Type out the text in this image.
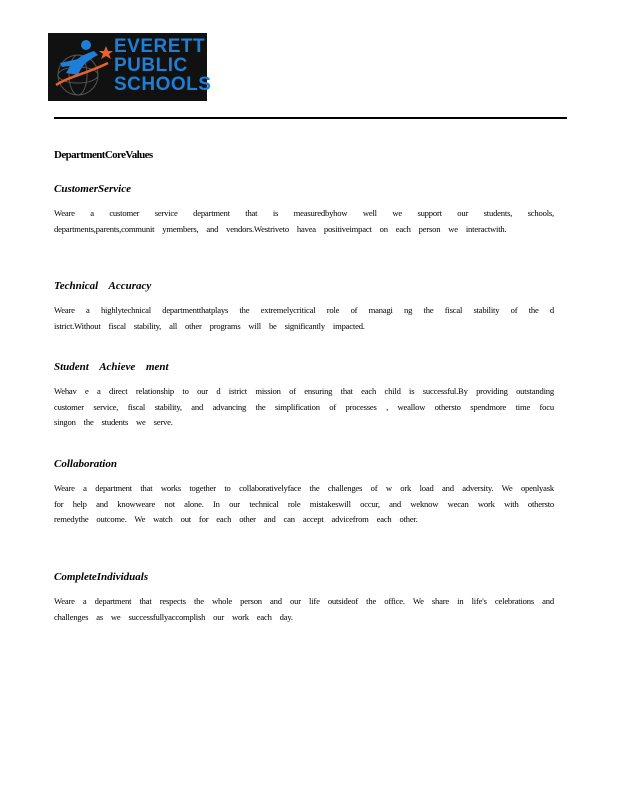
EVERETT
PUBLIC
SCHOOLS
DepartmentCoreValues
CustomerService

Weare a customer service department that is measuredbyhow well we support our students, schools, departments,parents,communit ymembers, and vendors.Westriveto havea positiveimpact on each person we interactwith.

Technical Accuracy

Weare a highlytechnical departmentthatplays the extremelycritical role of managi ng the fiscal stability of the d istrict.Without fiscal stability, all other programs will be significantly impacted.

Student Achieve ment

Wehav e a direct relationship to our d istrict mission of ensuring that each child is successful.By providing outstanding customer service, fiscal stability, and advancing the simplification of processes , weallow othersto spendmore time focu singon the students we serve.

Collaboration

Weare a department that works together to collaborativelyface the challenges of w ork load and adversity. We openlyask for help and knowweare not alone. In our technical role mistakeswill occur, and weknow wecan work with othersto remedythe outcome. We watch out for each other and can accept advicefrom each other.

CompleteIndividuals

Weare a department that respects the whole person and our life outsideof the office. We share in life's celebrations and challenges as we successfullyaccomplish our work each day.
